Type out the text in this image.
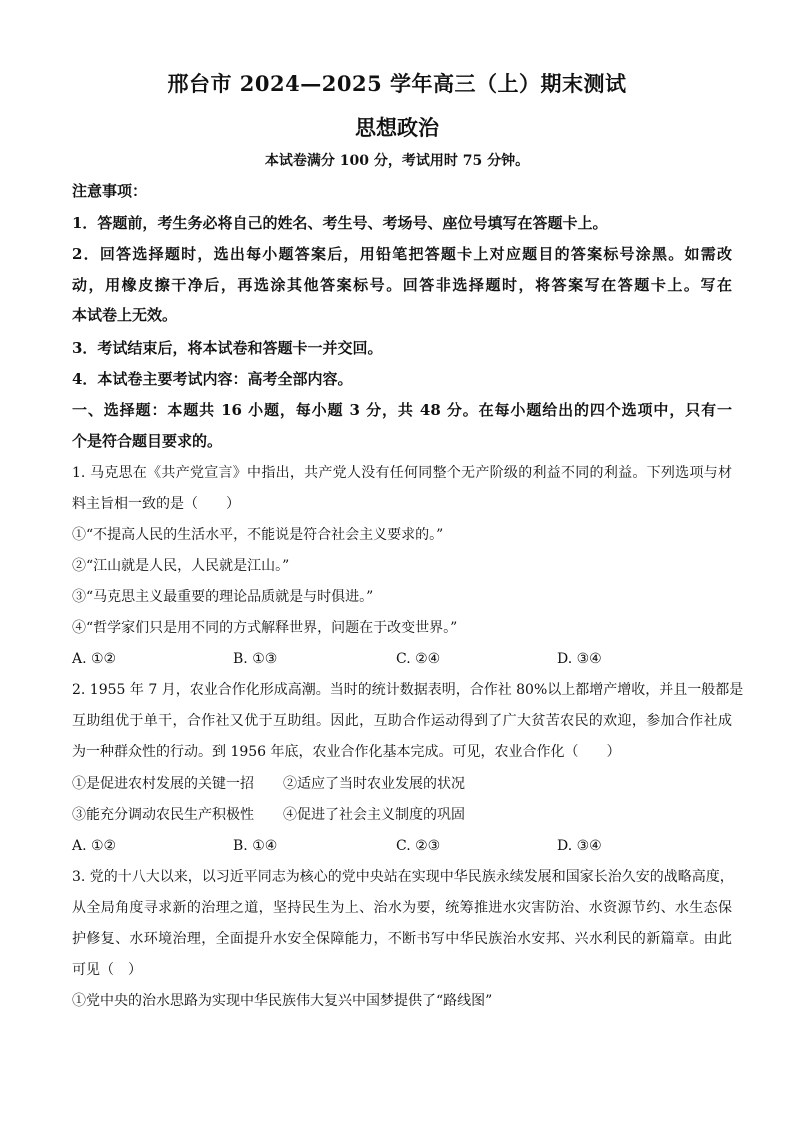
邢台市 2024—2025 学年高三（上）期末测试
思想政治
本试卷满分 100 分，考试用时 75 分钟。
注意事项：
1．答题前，考生务必将自己的姓名、考生号、考场号、座位号填写在答题卡上。
2．回答选择题时，选出每小题答案后，用铅笔把答题卡上对应题目的答案标号涂黑。如需改
动，用橡皮擦干净后，再选涂其他答案标号。回答非选择题时，将答案写在答题卡上。写在
本试卷上无效。
3．考试结束后，将本试卷和答题卡一并交回。
4．本试卷主要考试内容：高考全部内容。
一、选择题：本题共 16 小题，每小题 3 分，共 48 分。在每小题给出的四个选项中，只有一
个是符合题目要求的。
1. 马克思在《共产党宣言》中指出，共产党人没有任何同整个无产阶级的利益不同的利益。下列选项与材
料主旨相一致的是（　　）
①“不提高人民的生活水平，不能说是符合社会主义要求的。”
②“江山就是人民，人民就是江山。”
③“马克思主义最重要的理论品质就是与时俱进。”
④“哲学家们只是用不同的方式解释世界，问题在于改变世界。”
A. ①②	B. ①③	C. ②④	D. ③④
2. 1955 年 7 月，农业合作化形成高潮。当时的统计数据表明，合作社 80%以上都增产增收，并且一般都是
互助组优于单干，合作社又优于互助组。因此，互助合作运动得到了广大贫苦农民的欢迎，参加合作社成
为一种群众性的行动。到 1956 年底，农业合作化基本完成。可见，农业合作化（　　）
①是促进农村发展的关键一招 ②适应了当时农业发展的状况
③能充分调动农民生产积极性 ④促进了社会主义制度的巩固
A. ①②	B. ①④	C. ②③	D. ③④
3. 党的十八大以来，以习近平同志为核心的党中央站在实现中华民族永续发展和国家长治久安的战略高度，
从全局角度寻求新的治理之道，坚持民生为上、治水为要，统筹推进水灾害防治、水资源节约、水生态保
护修复、水环境治理，全面提升水安全保障能力，不断书写中华民族治水安邦、兴水利民的新篇章。由此
可见（　）
①党中央的治水思路为实现中华民族伟大复兴中国梦提供了“路线图”
